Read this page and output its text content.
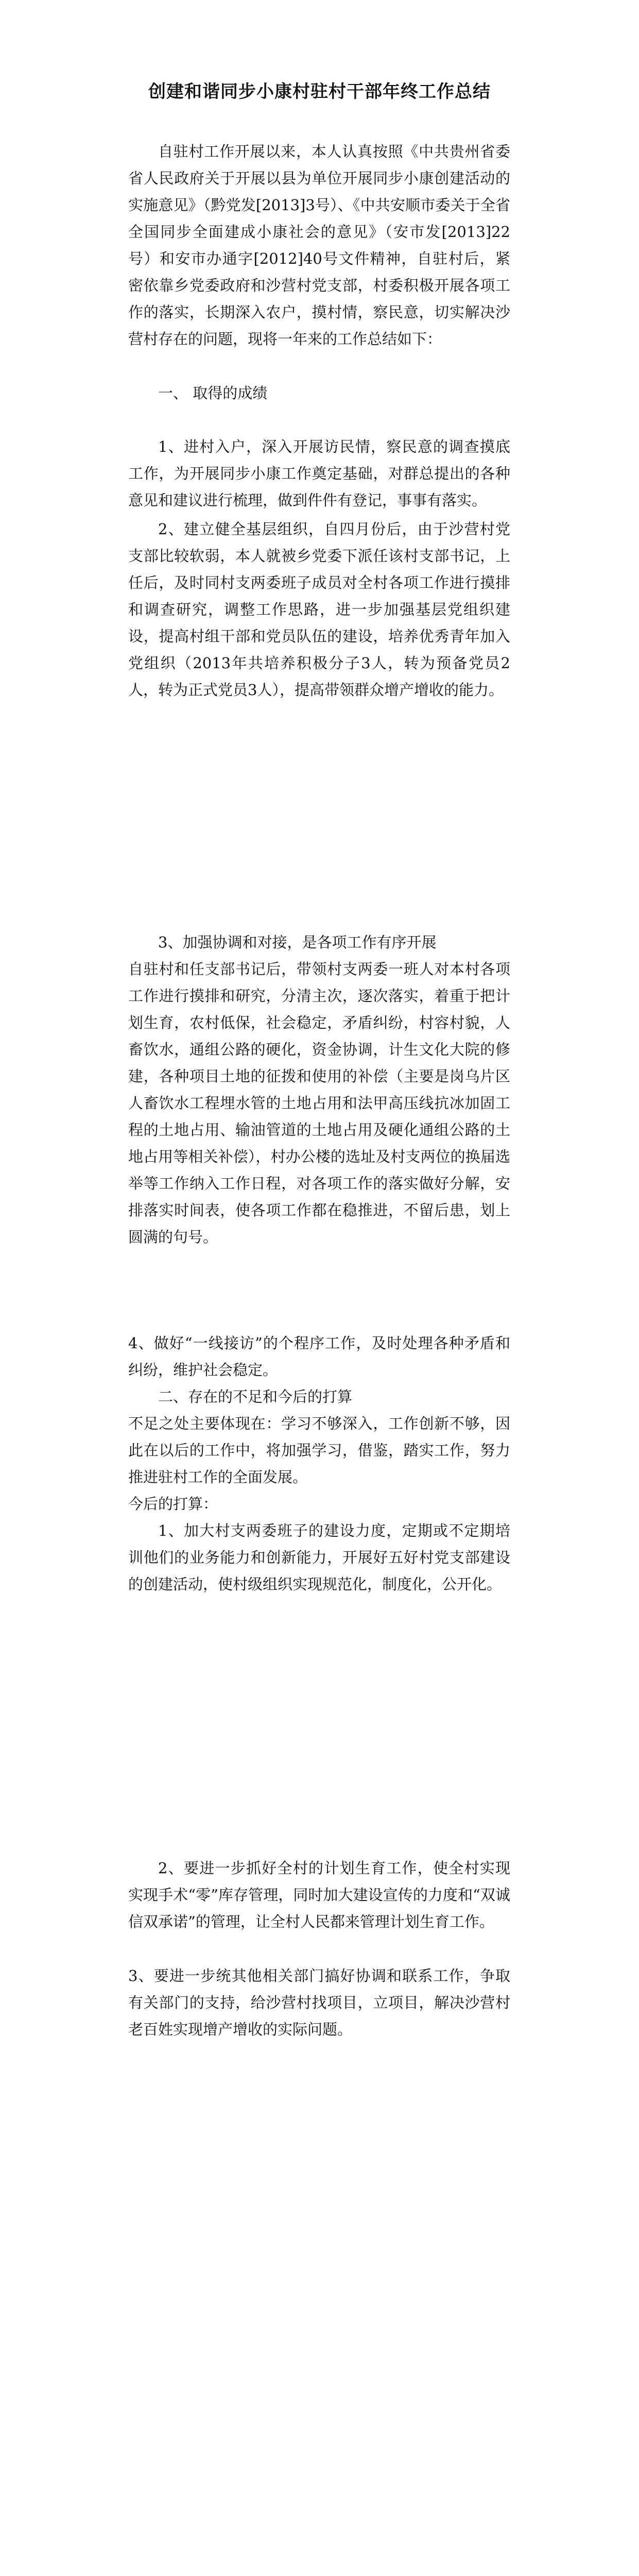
创建和谐同步小康村驻村干部年终工作总结

自驻村工作开展以来，本人认真按照《中共贵州省委省人民政府关于开展以县为单位开展同步小康创建活动的实施意见》（黔党发[2013]3号）、《中共安顺市委关于全省全国同步全面建成小康社会的意见》（安市发[2013]22号）和安市办通字[2012]40号文件精神，自驻村后，紧密依靠乡党委政府和沙营村党支部，村委积极开展各项工作的落实，长期深入农户，摸村情，察民意，切实解决沙营村存在的问题，现将一年来的工作总结如下：

一、 取得的成绩

1、进村入户，深入开展访民情，察民意的调查摸底工作，为开展同步小康工作奠定基础，对群总提出的各种意见和建议进行梳理，做到件件有登记，事事有落实。

2、建立健全基层组织，自四月份后，由于沙营村党支部比较软弱，本人就被乡党委下派任该村支部书记，上任后，及时同村支两委班子成员对全村各项工作进行摸排和调查研究，调整工作思路，进一步加强基层党组织建设，提高村组干部和党员队伍的建设，培养优秀青年加入党组织（2013年共培养积极分子3人，转为预备党员2人，转为正式党员3人），提高带领群众增产增收的能力。

3、加强协调和对接，是各项工作有序开展

自驻村和任支部书记后，带领村支两委一班人对本村各项工作进行摸排和研究，分清主次，逐次落实，着重于把计划生育，农村低保，社会稳定，矛盾纠纷，村容村貌，人畜饮水，通组公路的硬化，资金协调，计生文化大院的修建，各种项目土地的征拨和使用的补偿（主要是岗乌片区人畜饮水工程埋水管的土地占用和法甲高压线抗冰加固工程的土地占用、输油管道的土地占用及硬化通组公路的土地占用等相关补偿），村办公楼的选址及村支两位的换届选举等工作纳入工作日程，对各项工作的落实做好分解，安排落实时间表，使各项工作都在稳推进，不留后患，划上圆满的句号。

4、做好“一线接访”的个程序工作，及时处理各种矛盾和纠纷，维护社会稳定。

二、存在的不足和今后的打算

不足之处主要体现在：学习不够深入，工作创新不够，因此在以后的工作中，将加强学习，借鉴，踏实工作，努力推进驻村工作的全面发展。

今后的打算：

1、加大村支两委班子的建设力度，定期或不定期培训他们的业务能力和创新能力，开展好五好村党支部建设的创建活动，使村级组织实现规范化，制度化，公开化。

2、要进一步抓好全村的计划生育工作，使全村实现实现手术“零”库存管理，同时加大建设宣传的力度和“双诚信双承诺”的管理，让全村人民都来管理计划生育工作。

3、要进一步统其他相关部门搞好协调和联系工作，争取有关部门的支持，给沙营村找项目，立项目，解决沙营村老百姓实现增产增收的实际问题。
